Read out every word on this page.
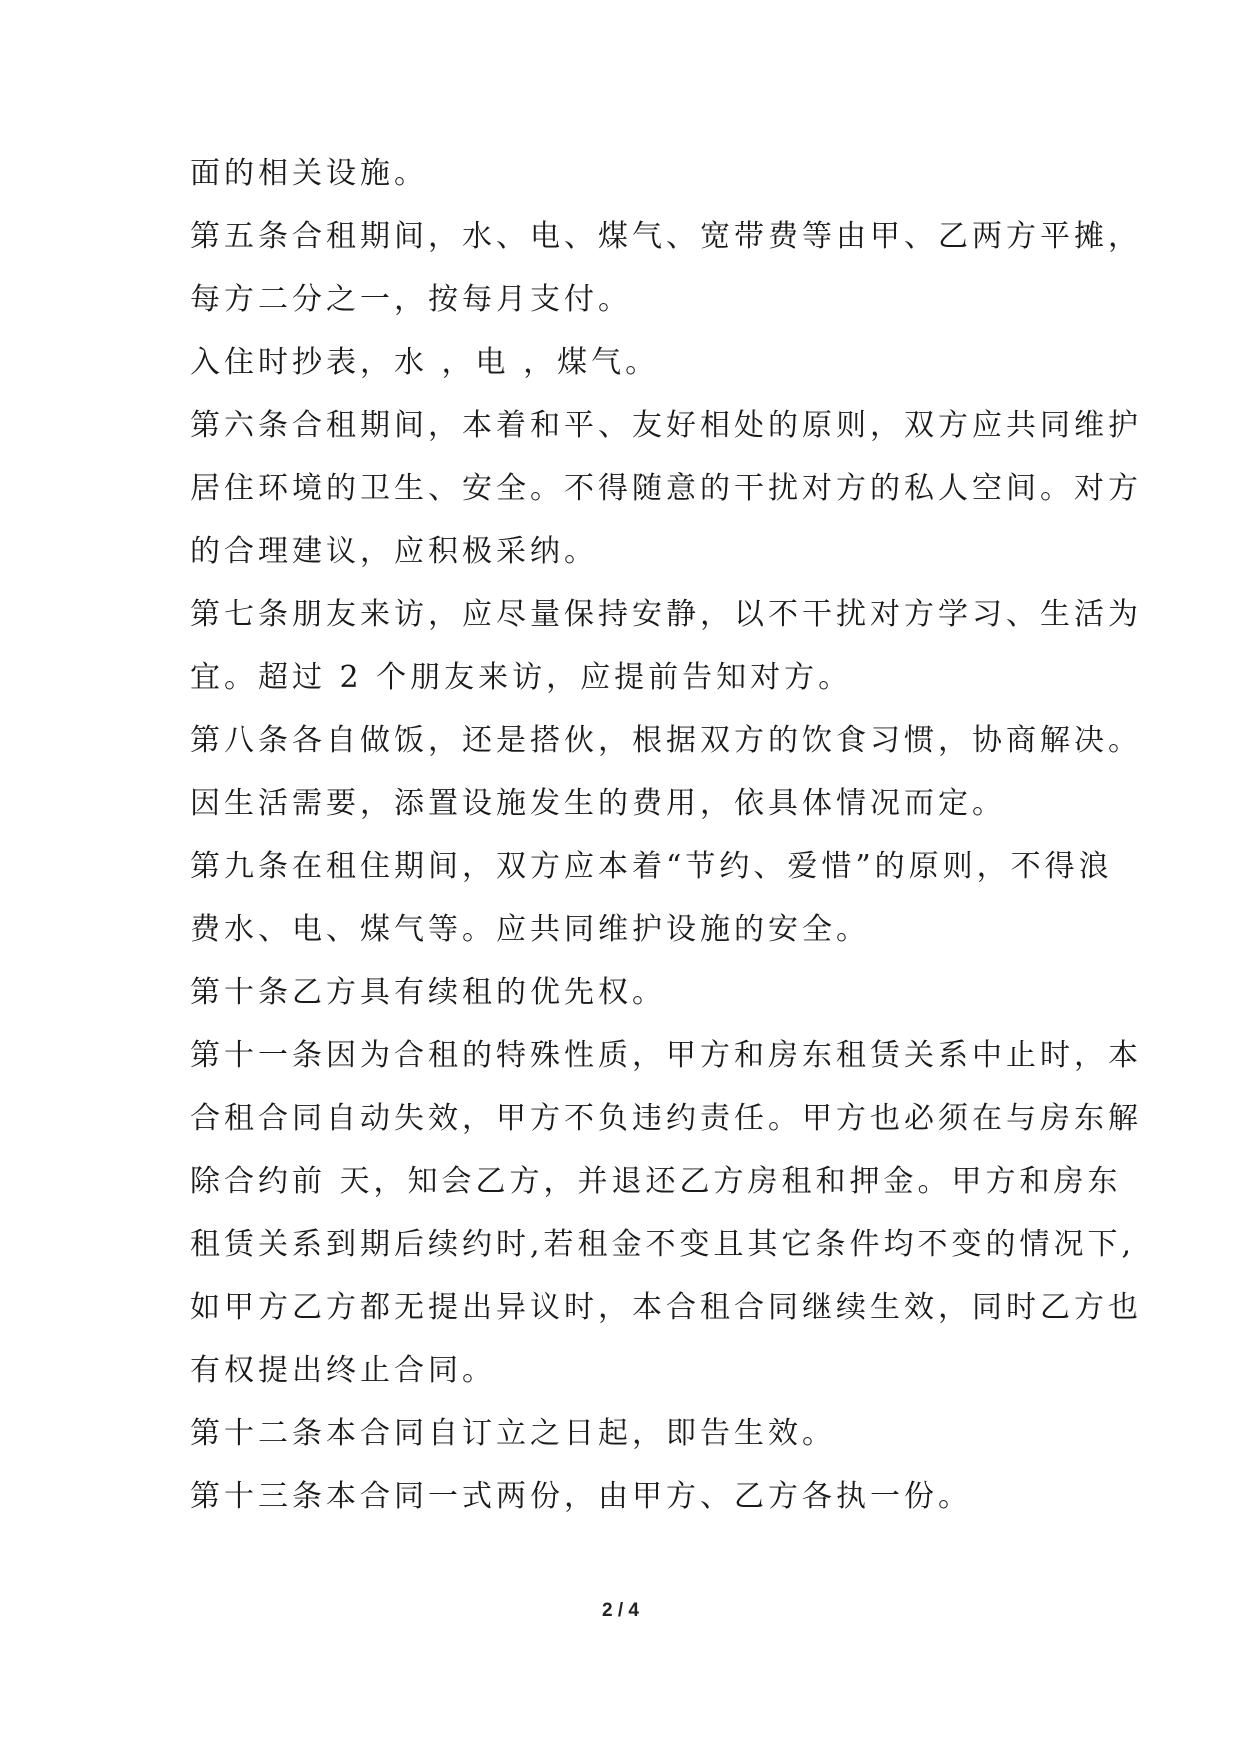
面的相关设施。
第五条合租期间，水、电、煤气、宽带费等由甲、乙两方平摊，
每方二分之一，按每月支付。
入住时抄表，水 ，电 ，煤气。
第六条合租期间，本着和平、友好相处的原则，双方应共同维护
居住环境的卫生、安全。不得随意的干扰对方的私人空间。对方
的合理建议，应积极采纳。
第七条朋友来访，应尽量保持安静，以不干扰对方学习、生活为
宜。超过 2 个朋友来访，应提前告知对方。
第八条各自做饭，还是搭伙，根据双方的饮食习惯，协商解决。
因生活需要，添置设施发生的费用，依具体情况而定。
第九条在租住期间，双方应本着“节约、爱惜”的原则，不得浪
费水、电、煤气等。应共同维护设施的安全。
第十条乙方具有续租的优先权。
第十一条因为合租的特殊性质，甲方和房东租赁关系中止时，本
合租合同自动失效，甲方不负违约责任。甲方也必须在与房东解
除合约前 天，知会乙方，并退还乙方房租和押金。甲方和房东
租赁关系到期后续约时,若租金不变且其它条件均不变的情况下,
如甲方乙方都无提出异议时，本合租合同继续生效，同时乙方也
有权提出终止合同。
第十二条本合同自订立之日起，即告生效。
第十三条本合同一式两份，由甲方、乙方各执一份。
2 / 4
